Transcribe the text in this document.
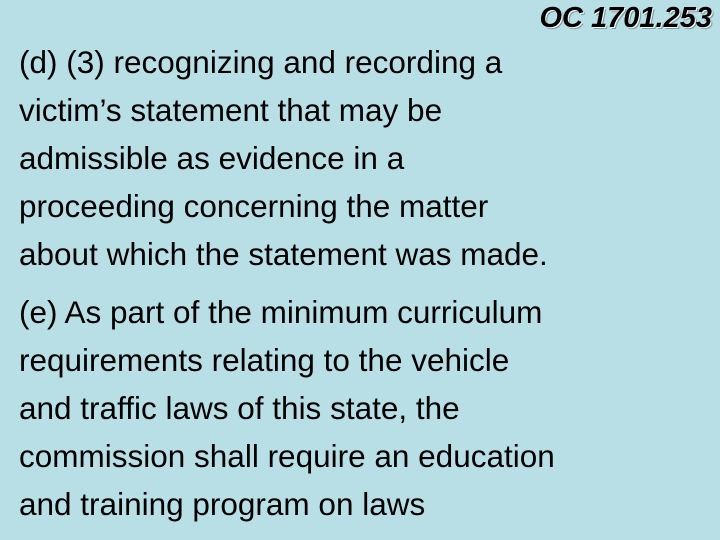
OC 1701.253

(d) (3) recognizing and recording a
victim’s statement that may be
admissible as evidence in a
proceeding concerning the matter
about which the statement was made.

(e) As part of the minimum curriculum
requirements relating to the vehicle
and traffic laws of this state, the
commission shall require an education
and training program on laws
